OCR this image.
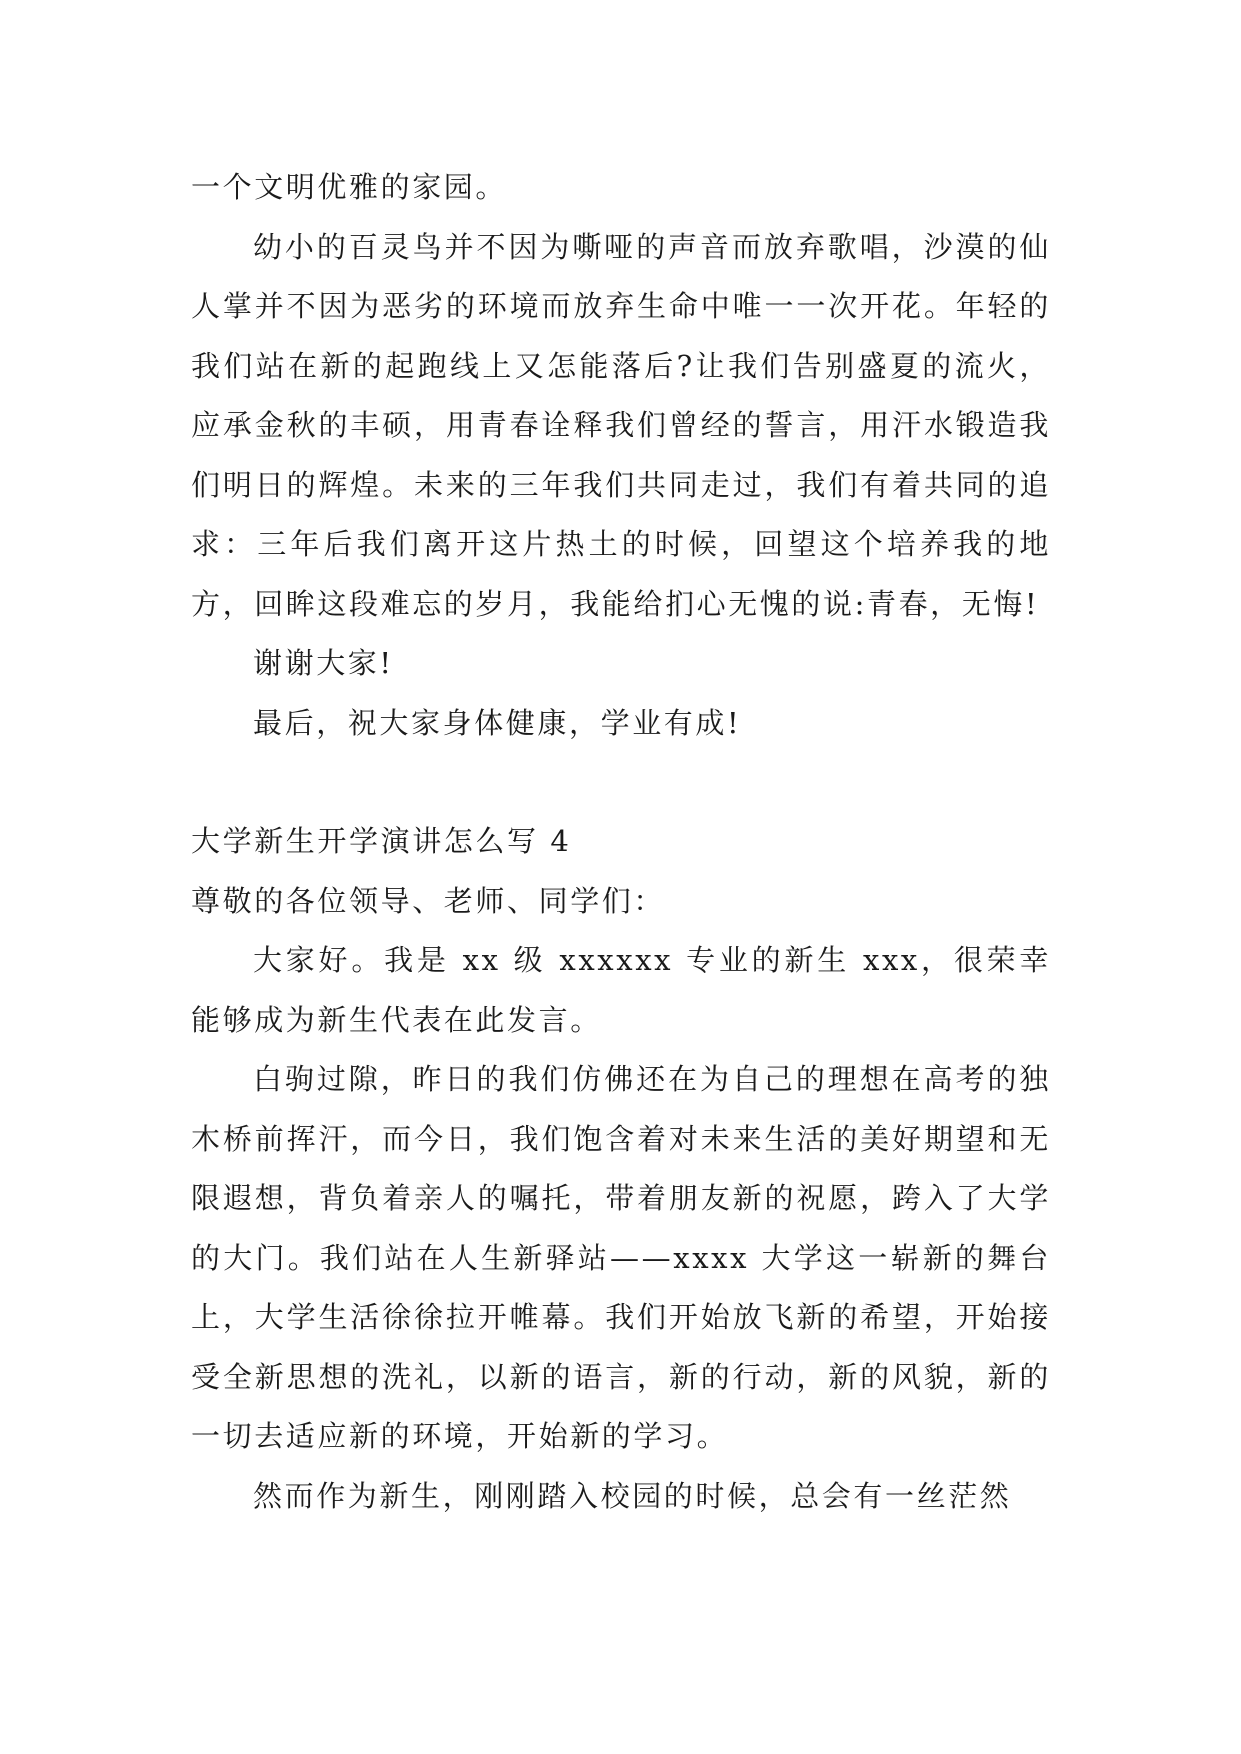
一个文明优雅的家园。

幼小的百灵鸟并不因为嘶哑的声音而放弃歌唱，沙漠的仙人掌并不因为恶劣的环境而放弃生命中唯一一次开花。年轻的我们站在新的起跑线上又怎能落后?让我们告别盛夏的流火，应承金秋的丰硕，用青春诠释我们曾经的誓言，用汗水锻造我们明日的辉煌。未来的三年我们共同走过，我们有着共同的追求：三年后我们离开这片热土的时候，回望这个培养我的地方，回眸这段难忘的岁月，我能给扪心无愧的说:青春，无悔!

谢谢大家!

最后，祝大家身体健康，学业有成!

大学新生开学演讲怎么写 4

尊敬的各位领导、老师、同学们：

大家好。我是 xx 级 xxxxxx 专业的新生 xxx，很荣幸能够成为新生代表在此发言。

白驹过隙，昨日的我们仿佛还在为自己的理想在高考的独木桥前挥汗，而今日，我们饱含着对未来生活的美好期望和无限遐想，背负着亲人的嘱托，带着朋友新的祝愿，跨入了大学的大门。我们站在人生新驿站——xxxx 大学这一崭新的舞台上，大学生活徐徐拉开帷幕。我们开始放飞新的希望，开始接受全新思想的洗礼，以新的语言，新的行动，新的风貌，新的一切去适应新的环境，开始新的学习。

然而作为新生，刚刚踏入校园的时候，总会有一丝茫然
